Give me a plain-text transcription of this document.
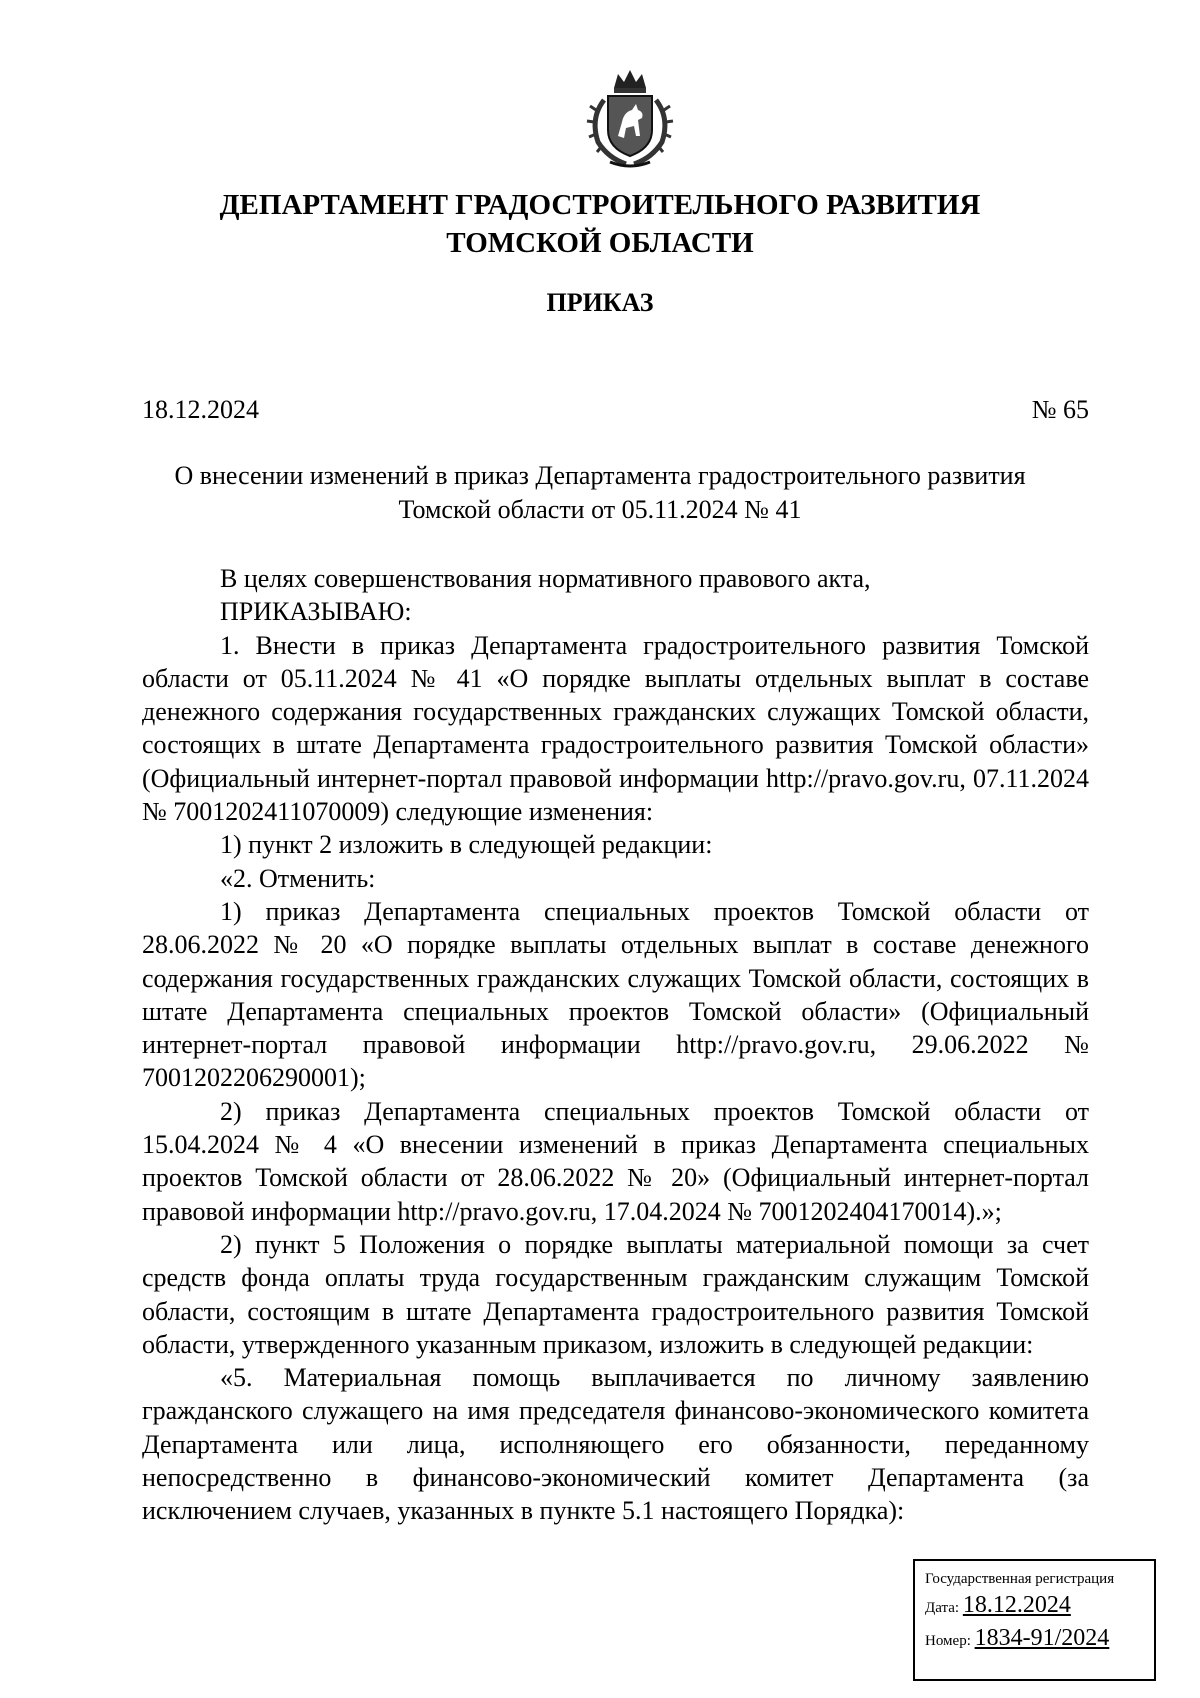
ДЕПАРТАМЕНТ ГРАДОСТРОИТЕЛЬНОГО РАЗВИТИЯ ТОМСКОЙ ОБЛАСТИ
ПРИКАЗ
18.12.2024	№ 65

О внесении изменений в приказ Департамента градостроительного развития Томской области от 05.11.2024 № 41

В целях совершенствования нормативного правового акта,

ПРИКАЗЫВАЮ:

1. Внести в приказ Департамента градостроительного развития Томской области от 05.11.2024 № 41 «О порядке выплаты отдельных выплат в составе денежного содержания государственных гражданских служащих Томской области, состоящих в штате Департамента градостроительного развития Томской области» (Официальный интернет-портал правовой информации http://pravo.gov.ru, 07.11.2024 № 7001202411070009) следующие изменения:

1) пункт 2 изложить в следующей редакции:

«2. Отменить:

1) приказ Департамента специальных проектов Томской области от 28.06.2022 № 20 «О порядке выплаты отдельных выплат в составе денежного содержания государственных гражданских служащих Томской области, состоящих в штате Департамента специальных проектов Томской области» (Официальный интернет-портал правовой информации http://pravo.gov.ru, 29.06.2022 № 7001202206290001);

2) приказ Департамента специальных проектов Томской области от 15.04.2024 № 4 «О внесении изменений в приказ Департамента специальных проектов Томской области от 28.06.2022 № 20» (Официальный интернет-портал правовой информации http://pravo.gov.ru, 17.04.2024 № 7001202404170014).»;

2) пункт 5 Положения о порядке выплаты материальной помощи за счет средств фонда оплаты труда государственным гражданским служащим Томской области, состоящим в штате Департамента градостроительного развития Томской области, утвержденного указанным приказом, изложить в следующей редакции:

«5. Материальная помощь выплачивается по личному заявлению гражданского служащего на имя председателя финансово-экономического комитета Департамента или лица, исполняющего его обязанности, переданному непосредственно в финансово-экономический комитет Департамента (за исключением случаев, указанных в пункте 5.1 настоящего Порядка):

Государственная регистрация
Дата: 18.12.2024
Номер: 1834-91/2024
